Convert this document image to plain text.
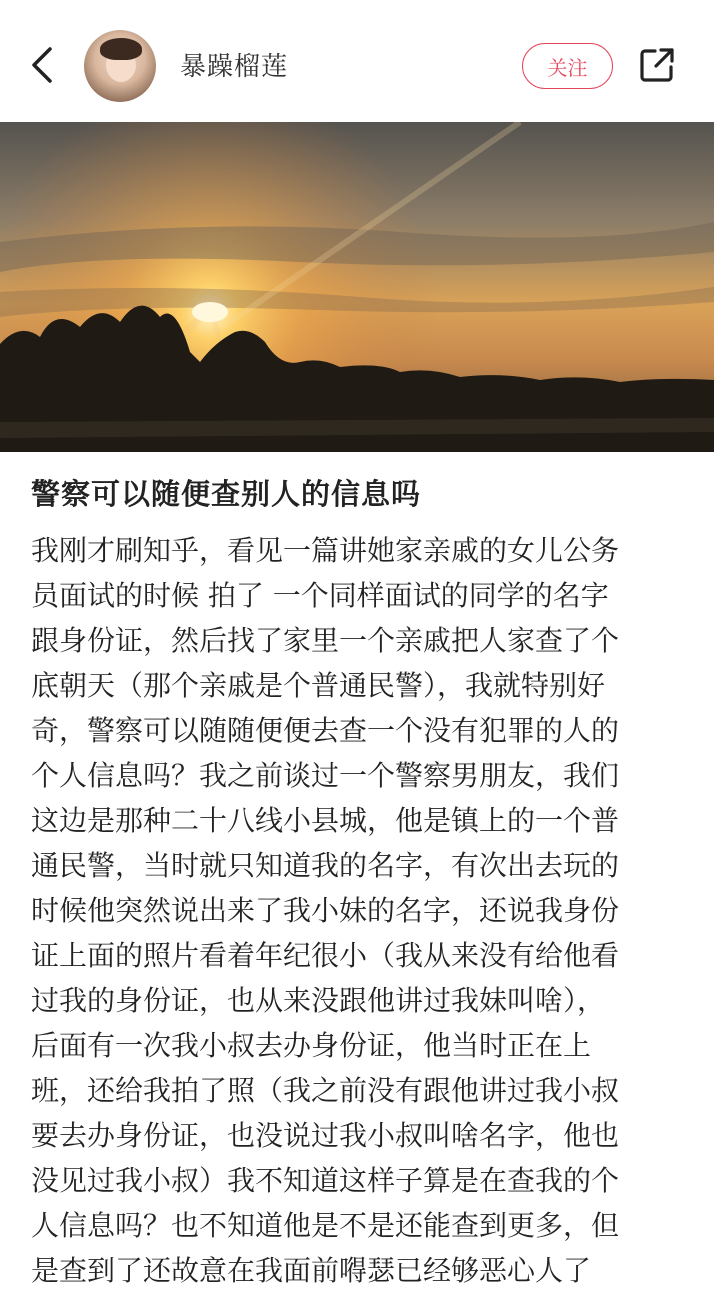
暴躁榴莲	关注
警察可以随便查别人的信息吗
我刚才刷知乎，看见一篇讲她家亲戚的女儿公务
员面试的时候 拍了 一个同样面试的同学的名字
跟身份证，然后找了家里一个亲戚把人家查了个
底朝天（那个亲戚是个普通民警），我就特别好
奇，警察可以随随便便去查一个没有犯罪的人的
个人信息吗？我之前谈过一个警察男朋友，我们
这边是那种二十八线小县城，他是镇上的一个普
通民警，当时就只知道我的名字，有次出去玩的
时候他突然说出来了我小妹的名字，还说我身份
证上面的照片看着年纪很小（我从来没有给他看
过我的身份证，也从来没跟他讲过我妹叫啥），
后面有一次我小叔去办身份证，他当时正在上
班，还给我拍了照（我之前没有跟他讲过我小叔
要去办身份证，也没说过我小叔叫啥名字，他也
没见过我小叔）我不知道这样子算是在查我的个
人信息吗？也不知道他是不是还能查到更多，但
是查到了还故意在我面前嘚瑟已经够恶心人了
